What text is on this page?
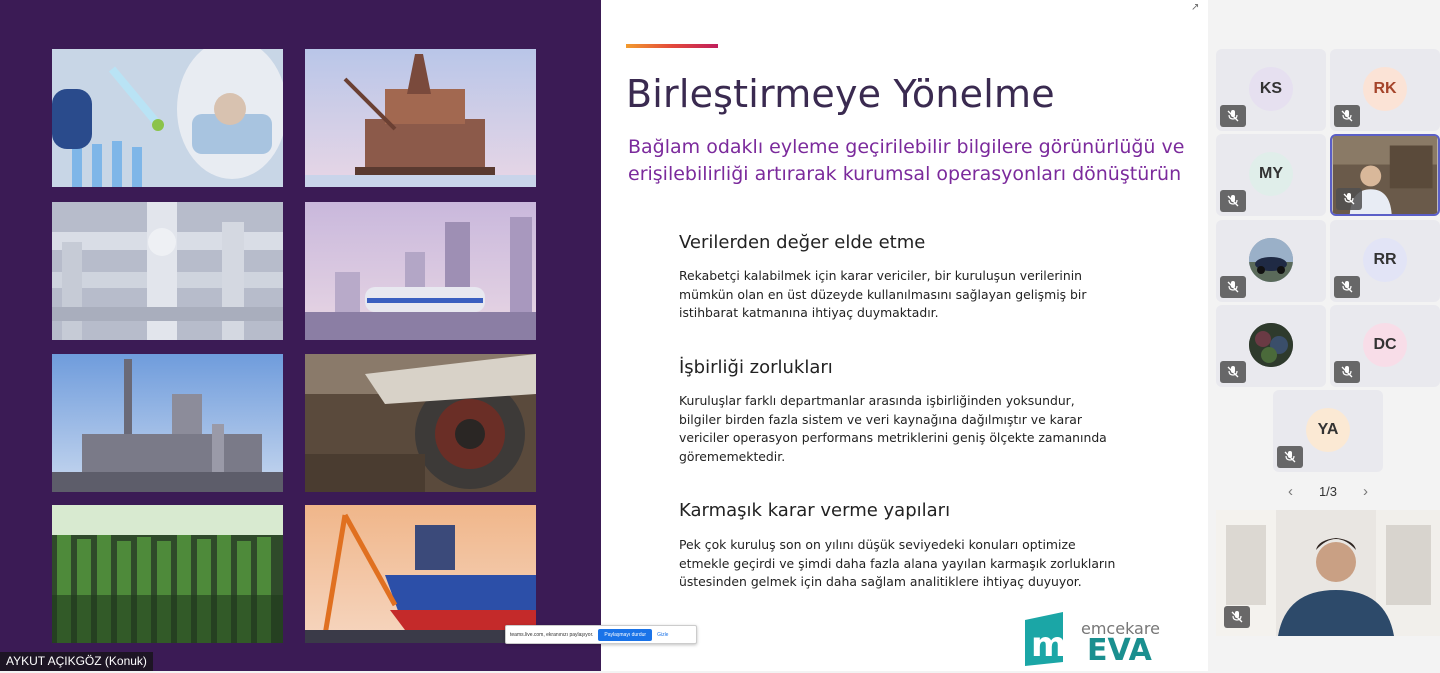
↗
Birleştirmeye Yönelme
Bağlam odaklı eyleme geçirilebilir bilgilere görünürlüğü ve erişilebilirliği artırarak kurumsal operasyonları dönüştürün
Verilerden değer elde etme
Rekabetçi kalabilmek için karar vericiler, bir kuruluşun verilerinin mümkün olan en üst düzeyde kullanılmasını sağlayan gelişmiş bir istihbarat katmanına ihtiyaç duymaktadır.
İşbirliği zorlukları
Kuruluşlar farklı departmanlar arasında işbirliğinden yoksundur, bilgiler birden fazla sistem ve veri kaynağına dağılmıştır ve karar vericiler operasyon performans metriklerini geniş ölçekte zamanında görememektedir.
Karmaşık karar verme yapıları
Pek çok kuruluş son on yılını düşük seviyedeki konuları optimize etmekle geçirdi ve şimdi daha fazla alana yayılan karmaşık zorlukların üstesinden gelmek için daha sağlam analitiklere ihtiyaç duyuyor.
m emcekare
EVA
teams.live.com, ekranınızı paylaşıyor.	Paylaşmayı durdur	Gizle
AYKUT AÇIKGÖZ (Konuk)
KS	RK
MY
RR
DC
YA
‹ 1/3 ›
